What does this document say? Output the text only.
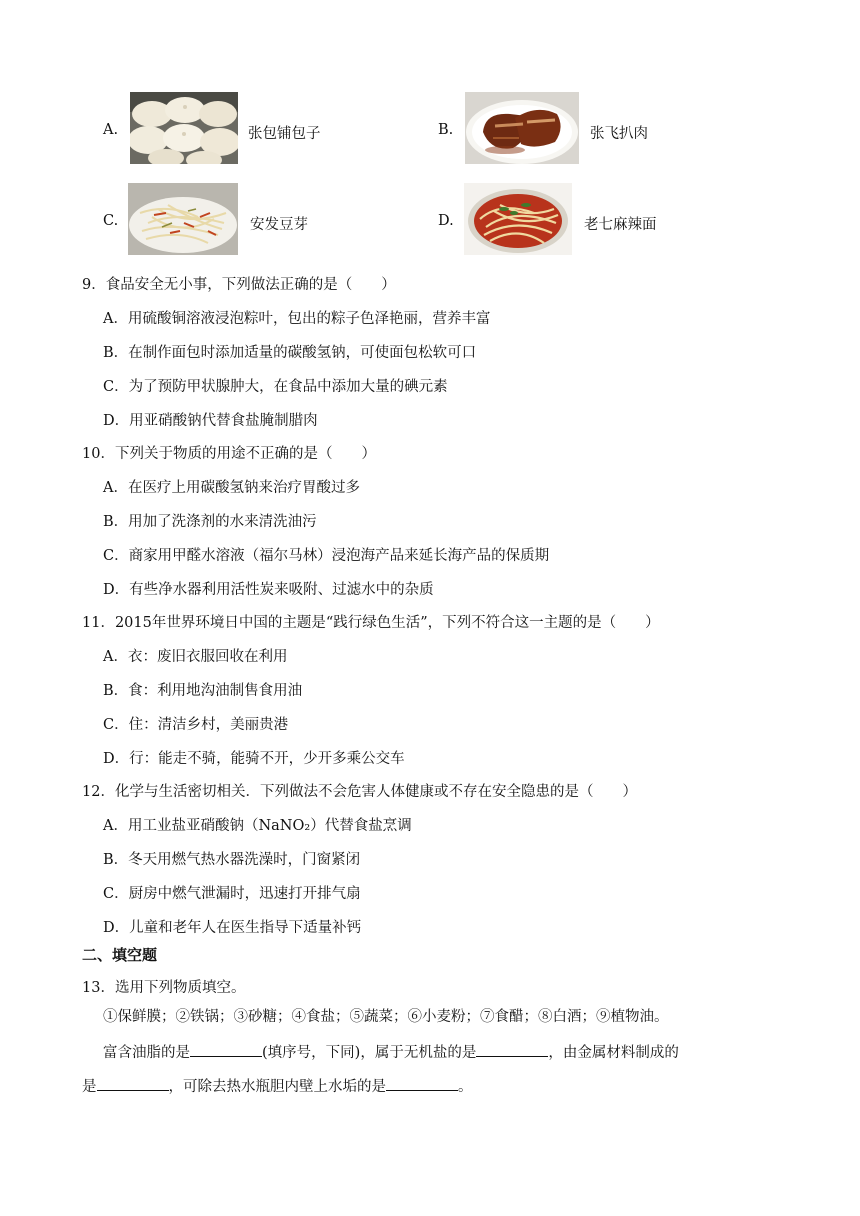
A.	张包铺包子	B.	张飞扒肉
C.	安发豆芽	D.	老七麻辣面
9．食品安全无小事，下列做法正确的是（　　）
A．用硫酸铜溶液浸泡粽叶，包出的粽子色泽艳丽，营养丰富
B．在制作面包时添加适量的碳酸氢钠，可使面包松软可口
C．为了预防甲状腺肿大，在食品中添加大量的碘元素
D．用亚硝酸钠代替食盐腌制腊肉
10．下列关于物质的用途不正确的是（　　）
A．在医疗上用碳酸氢钠来治疗胃酸过多
B．用加了洗涤剂的水来清洗油污
C．商家用甲醛水溶液（福尔马林）浸泡海产品来延长海产品的保质期
D．有些净水器利用活性炭来吸附、过滤水中的杂质
11．2015年世界环境日中国的主题是“践行绿色生活”，下列不符合这一主题的是（　　）
A．衣：废旧衣服回收在利用
B．食：利用地沟油制售食用油
C．住：清洁乡村，美丽贵港
D．行：能走不骑，能骑不开，少开多乘公交车
12．化学与生活密切相关．下列做法不会危害人体健康或不存在安全隐患的是（　　）
A．用工业盐亚硝酸钠（NaNO₂）代替食盐烹调
B．冬天用燃气热水器洗澡时，门窗紧闭
C．厨房中燃气泄漏时，迅速打开排气扇
D．儿童和老年人在医生指导下适量补钙
二、填空题
13．选用下列物质填空。
①保鲜膜；②铁锅；③砂糖；④食盐；⑤蔬菜；⑥小麦粉；⑦食醋；⑧白酒；⑨植物油。
富含油脂的是	(填序号，下同)，属于无机盐的是	，由金属材料制成的
是	，可除去热水瓶胆内壁上水垢的是	。
